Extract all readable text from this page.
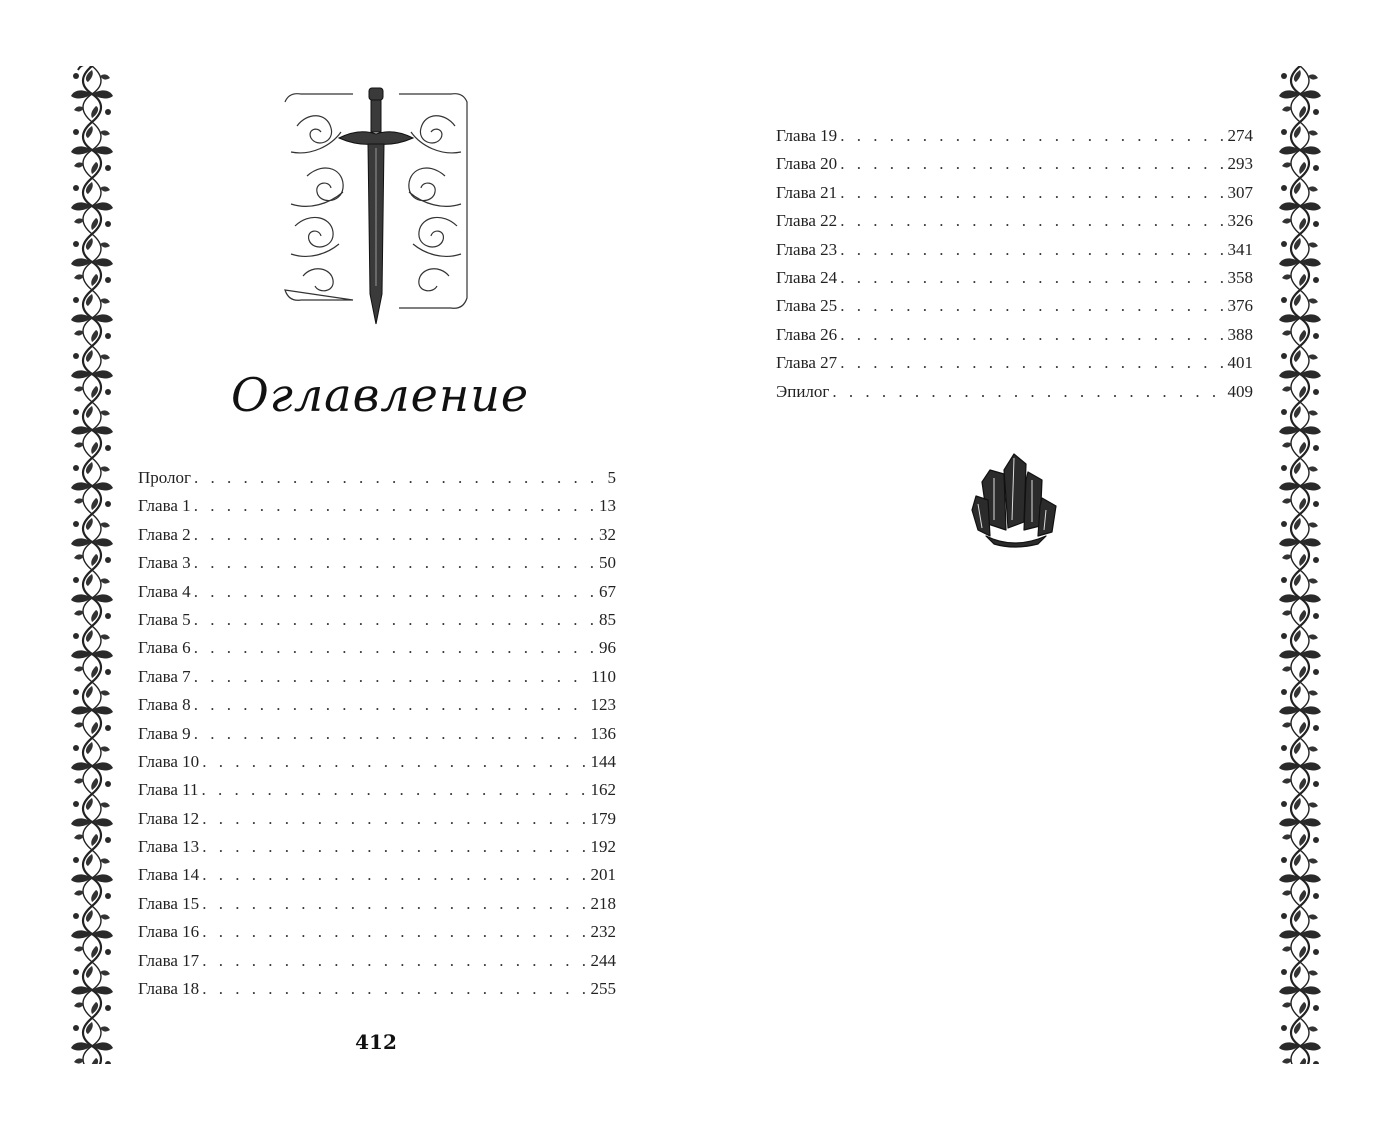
Оглавление
Пролог . . .	5
Глава 1 . . .	13
Глава 2 . . .	32
Глава 3 . . .	50
Глава 4 . . .	67
Глава 5 . . .	85
Глава 6 . . .	96
Глава 7 . . .	110
Глава 8 . . .	123
Глава 9 . . .	136
Глава 10 . . .	144
Глава 11 . . .	162
Глава 12 . . .	179
Глава 13 . . .	192
Глава 14 . . .	201
Глава 15 . . .	218
Глава 16 . . .	232
Глава 17 . . .	244
Глава 18 . . .	255
Глава 19 . . .	274
Глава 20 . . .	293
Глава 21 . . .	307
Глава 22 . . .	326
Глава 23 . . .	341
Глава 24 . . .	358
Глава 25 . . .	376
Глава 26 . . .	388
Глава 27 . . .	401
Эпилог . . .	409
412
